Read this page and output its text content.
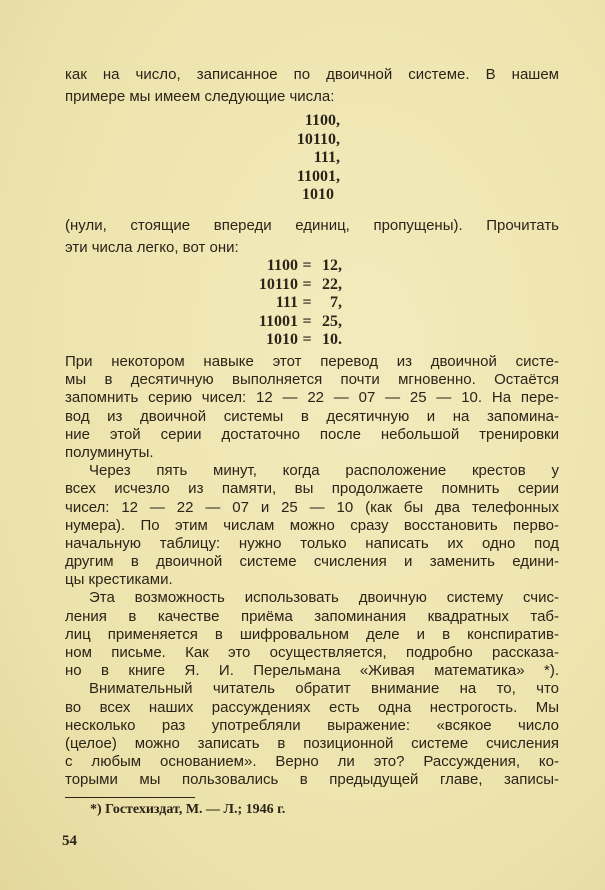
как на число, записанное по двоичной системе. В нашем
примере мы имеем следующие числа:
1100,
10110,
111,
11001,
1010
(нули, стоящие впереди единиц, пропущены). Прочитать
эти числа легко, вот они:
1100 = 12,
10110 = 22,
111 =	7,
11001 = 25,
1010 = 10.
При некотором навыке этот перевод из двоичной систе-
мы в десятичную выполняется почти мгновенно. Остаётся
запомнить серию чисел: 12 — 22 — 07 — 25 — 10. На пере-
вод из двоичной системы в десятичную и на запомина-
ние этой серии достаточно после небольшой тренировки
полуминуты.
Через пять минут, когда расположение крестов у
всех исчезло из памяти, вы продолжаете помнить серии
чисел: 12 — 22 — 07 и 25 — 10 (как бы два телефонных
нумера). По этим числам можно сразу восстановить перво-
начальную таблицу: нужно только написать их одно под
другим в двоичной системе счисления и заменить едини-
цы крестиками.
Эта возможность использовать двоичную систему счис-
ления в качестве приёма запоминания квадратных таб-
лиц применяется в шифровальном деле и в конспиратив-
ном письме. Как это осуществляется, подробно рассказа-
но в книге Я. И. Перельмана «Живая математика» *).
Внимательный читатель обратит внимание на то, что
во всех наших рассуждениях есть одна нестрогость. Мы
несколько раз употребляли выражение: «всякое число
(целое) можно записать в позиционной системе счисления
с любым основанием». Верно ли это? Рассуждения, ко-
торыми мы пользовались в предыдущей главе, записы-
*) Гостехиздат, М. — Л.; 1946 г.
54
